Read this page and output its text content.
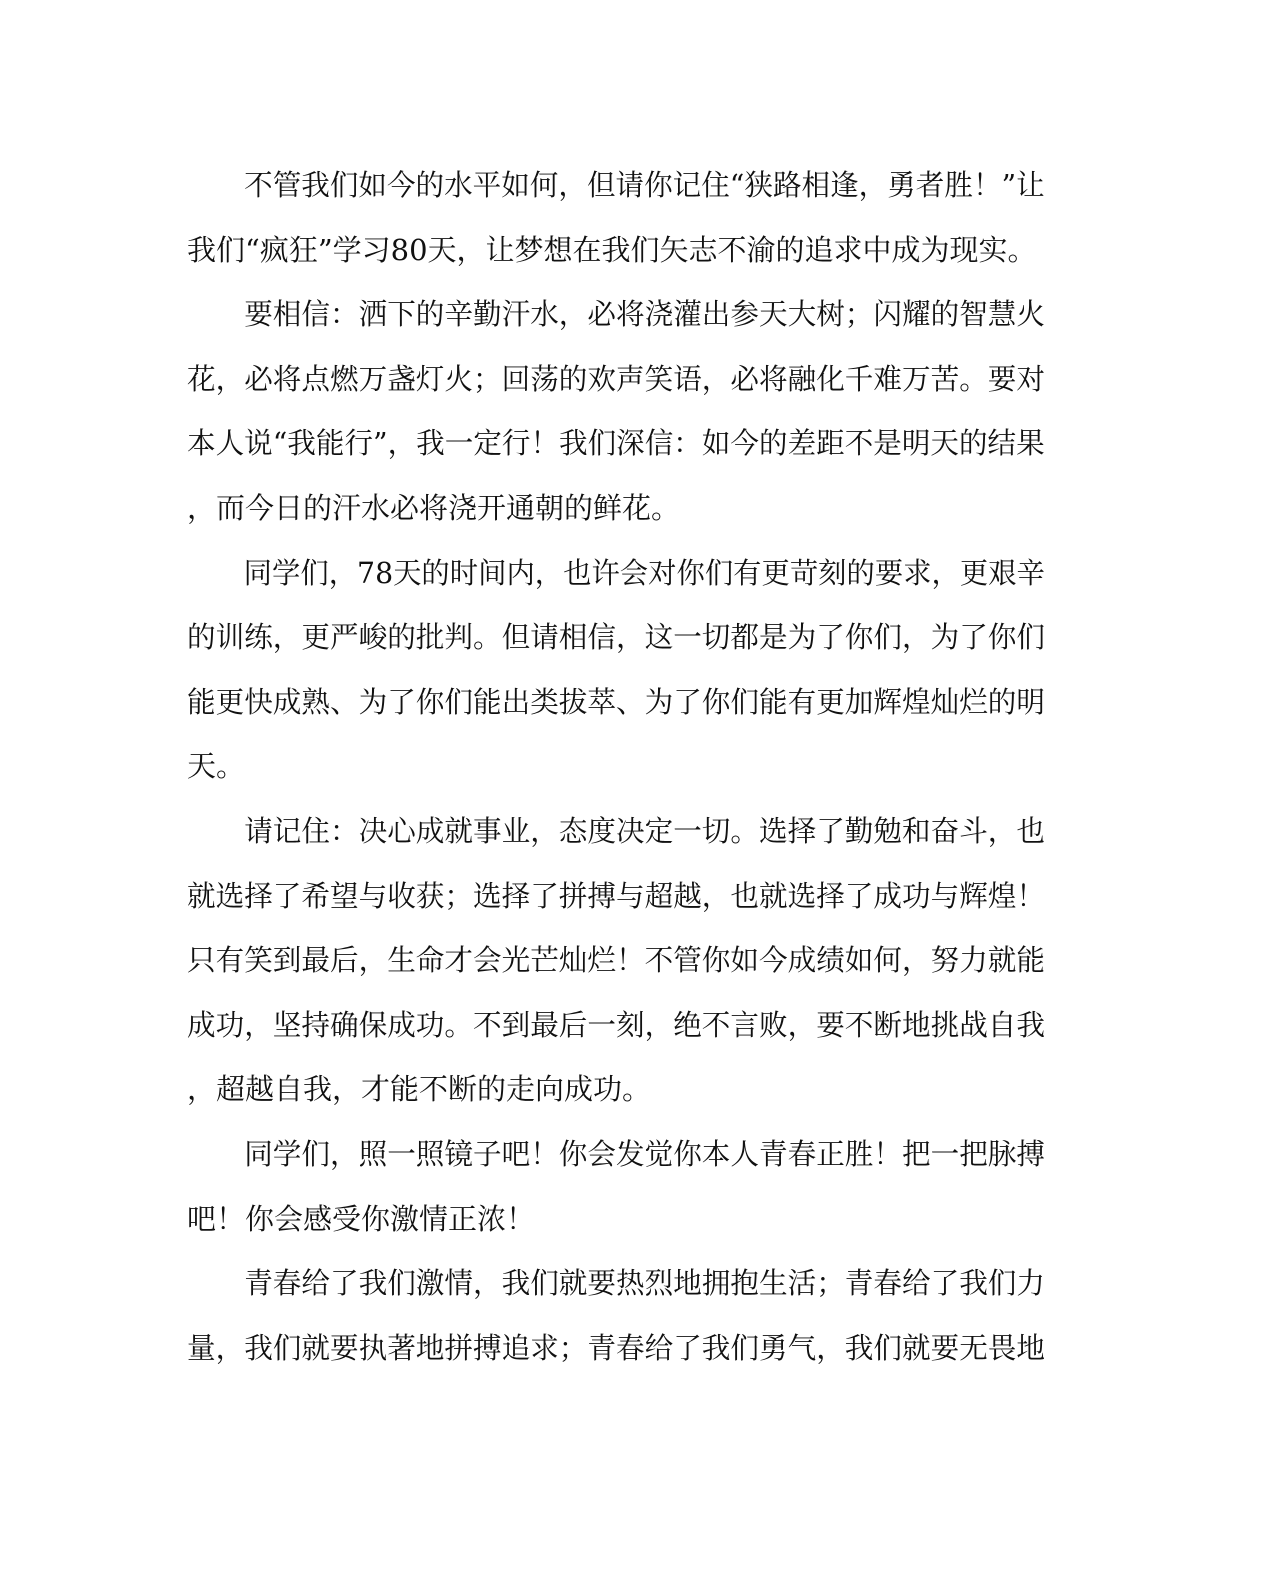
　　不管我们如今的水平如何，但请你记住“狭路相逢，勇者胜！”让
我们“疯狂”学习80天，让梦想在我们矢志不渝的追求中成为现实。
　　要相信：洒下的辛勤汗水，必将浇灌出参天大树；闪耀的智慧火
花，必将点燃万盏灯火；回荡的欢声笑语，必将融化千难万苦。要对
本人说“我能行”，我一定行！我们深信：如今的差距不是明天的结果
，而今日的汗水必将浇开通朝的鲜花。
　　同学们，78天的时间内，也许会对你们有更苛刻的要求，更艰辛
的训练，更严峻的批判。但请相信，这一切都是为了你们，为了你们
能更快成熟、为了你们能出类拔萃、为了你们能有更加辉煌灿烂的明
天。
　　请记住：决心成就事业，态度决定一切。选择了勤勉和奋斗，也
就选择了希望与收获；选择了拼搏与超越，也就选择了成功与辉煌！
只有笑到最后，生命才会光芒灿烂！不管你如今成绩如何，努力就能
成功，坚持确保成功。不到最后一刻，绝不言败，要不断地挑战自我
，超越自我，才能不断的走向成功。
　　同学们，照一照镜子吧！你会发觉你本人青春正胜！把一把脉搏
吧！你会感受你激情正浓！
　　青春给了我们激情，我们就要热烈地拥抱生活；青春给了我们力
量，我们就要执著地拼搏追求；青春给了我们勇气，我们就要无畏地
